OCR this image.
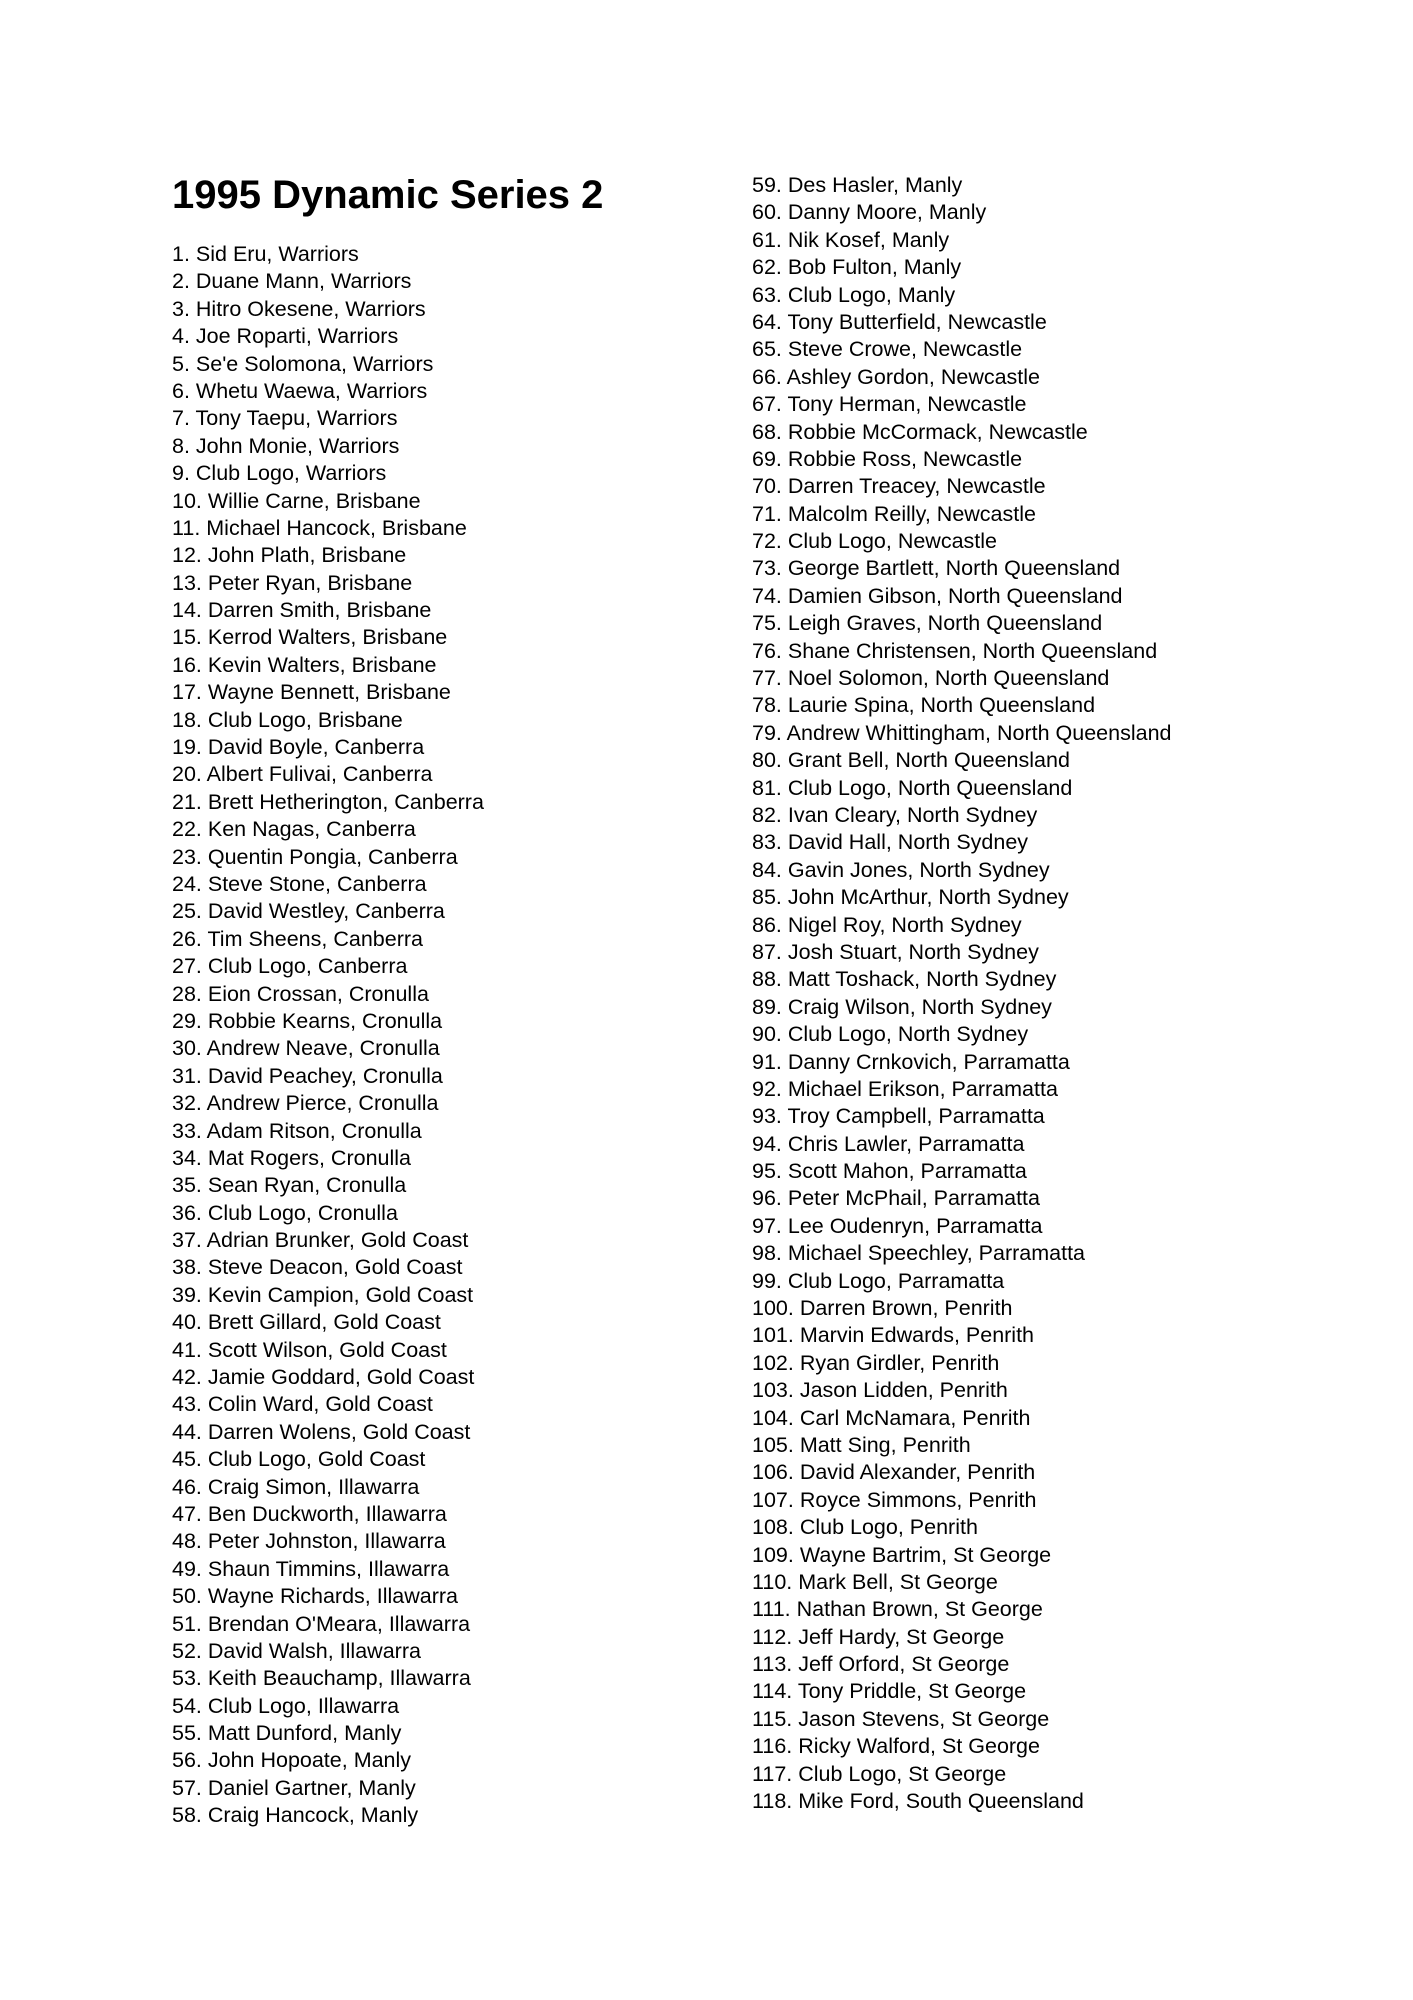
1995 Dynamic Series 2
1. Sid Eru, Warriors
2. Duane Mann, Warriors
3. Hitro Okesene, Warriors
4. Joe Roparti, Warriors
5. Se'e Solomona, Warriors
6. Whetu Waewa, Warriors
7. Tony Taepu, Warriors
8. John Monie, Warriors
9. Club Logo, Warriors
10. Willie Carne, Brisbane
11. Michael Hancock, Brisbane
12. John Plath, Brisbane
13. Peter Ryan, Brisbane
14. Darren Smith, Brisbane
15. Kerrod Walters, Brisbane
16. Kevin Walters, Brisbane
17. Wayne Bennett, Brisbane
18. Club Logo, Brisbane
19. David Boyle, Canberra
20. Albert Fulivai, Canberra
21. Brett Hetherington, Canberra
22. Ken Nagas, Canberra
23. Quentin Pongia, Canberra
24. Steve Stone, Canberra
25. David Westley, Canberra
26. Tim Sheens, Canberra
27. Club Logo, Canberra
28. Eion Crossan, Cronulla
29. Robbie Kearns, Cronulla
30. Andrew Neave, Cronulla
31. David Peachey, Cronulla
32. Andrew Pierce, Cronulla
33. Adam Ritson, Cronulla
34. Mat Rogers, Cronulla
35. Sean Ryan, Cronulla
36. Club Logo, Cronulla
37. Adrian Brunker, Gold Coast
38. Steve Deacon, Gold Coast
39. Kevin Campion, Gold Coast
40. Brett Gillard, Gold Coast
41. Scott Wilson, Gold Coast
42. Jamie Goddard, Gold Coast
43. Colin Ward, Gold Coast
44. Darren Wolens, Gold Coast
45. Club Logo, Gold Coast
46. Craig Simon, Illawarra
47. Ben Duckworth, Illawarra
48. Peter Johnston, Illawarra
49. Shaun Timmins, Illawarra
50. Wayne Richards, Illawarra
51. Brendan O'Meara, Illawarra
52. David Walsh, Illawarra
53. Keith Beauchamp, Illawarra
54. Club Logo, Illawarra
55. Matt Dunford, Manly
56. John Hopoate, Manly
57. Daniel Gartner, Manly
58. Craig Hancock, Manly
59. Des Hasler, Manly
60. Danny Moore, Manly
61. Nik Kosef, Manly
62. Bob Fulton, Manly
63. Club Logo, Manly
64. Tony Butterfield, Newcastle
65. Steve Crowe, Newcastle
66. Ashley Gordon, Newcastle
67. Tony Herman, Newcastle
68. Robbie McCormack, Newcastle
69. Robbie Ross, Newcastle
70. Darren Treacey, Newcastle
71. Malcolm Reilly, Newcastle
72. Club Logo, Newcastle
73. George Bartlett, North Queensland
74. Damien Gibson, North Queensland
75. Leigh Graves, North Queensland
76. Shane Christensen, North Queensland
77. Noel Solomon, North Queensland
78. Laurie Spina, North Queensland
79. Andrew Whittingham, North Queensland
80. Grant Bell, North Queensland
81. Club Logo, North Queensland
82. Ivan Cleary, North Sydney
83. David Hall, North Sydney
84. Gavin Jones, North Sydney
85. John McArthur, North Sydney
86. Nigel Roy, North Sydney
87. Josh Stuart, North Sydney
88. Matt Toshack, North Sydney
89. Craig Wilson, North Sydney
90. Club Logo, North Sydney
91. Danny Crnkovich, Parramatta
92. Michael Erikson, Parramatta
93. Troy Campbell, Parramatta
94. Chris Lawler, Parramatta
95. Scott Mahon, Parramatta
96. Peter McPhail, Parramatta
97. Lee Oudenryn, Parramatta
98. Michael Speechley, Parramatta
99. Club Logo, Parramatta
100. Darren Brown, Penrith
101. Marvin Edwards, Penrith
102. Ryan Girdler, Penrith
103. Jason Lidden, Penrith
104. Carl McNamara, Penrith
105. Matt Sing, Penrith
106. David Alexander, Penrith
107. Royce Simmons, Penrith
108. Club Logo, Penrith
109. Wayne Bartrim, St George
110. Mark Bell, St George
111. Nathan Brown, St George
112. Jeff Hardy, St George
113. Jeff Orford, St George
114. Tony Priddle, St George
115. Jason Stevens, St George
116. Ricky Walford, St George
117. Club Logo, St George
118. Mike Ford, South Queensland
